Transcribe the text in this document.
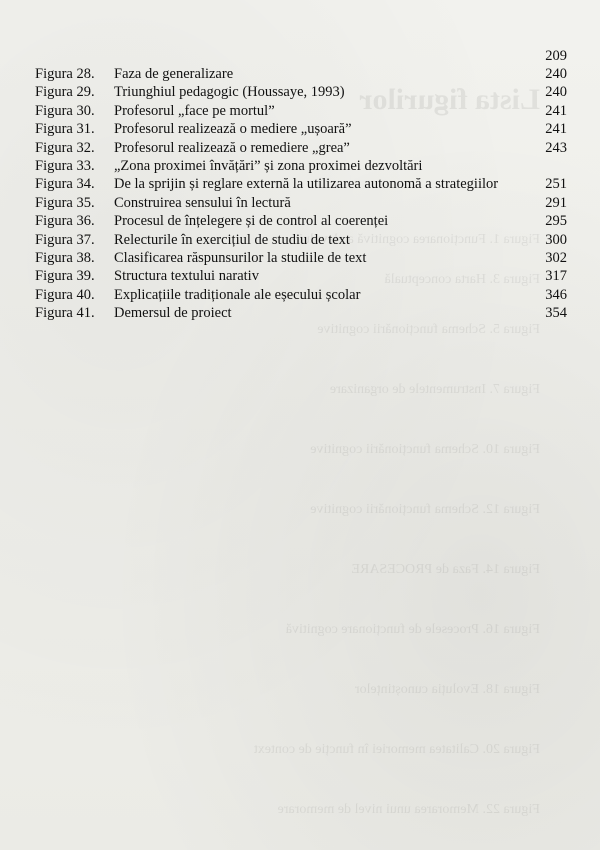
Lista figurilor
Figura 1. Funcționarea cognitivă a elevului
Figura 3. Harta conceptuală
Figura 5. Schema funcționării cognitive
Figura 7. Instrumentele de organizare
Figura 10. Schema funcționării cognitive
Figura 12. Schema funcționării cognitive
Figura 14. Faza de PROCESARE
Figura 16. Procesele de funcționare cognitivă
Figura 18. Evoluția cunoștințelor
Figura 20. Calitatea memoriei în funcție de context
Figura 22. Memorarea unui nivel de memorare
209
Figura 28.	Faza de generalizare	240
Figura 29.	Triunghiul pedagogic (Houssaye, 1993)	240
Figura 30.	Profesorul „face pe mortul”	241
Figura 31.	Profesorul realizează o mediere „ușoară”	241
Figura 32.	Profesorul realizează o remediere „grea”	243
Figura 33.	„Zona proximei învățări” și zona proximei dezvoltări
Figura 34.	De la sprijin și reglare externă la utilizarea autonomă a strategiilor	251
Figura 35.	Construirea sensului în lectură	291
Figura 36.	Procesul de înțelegere și de control al coerenței	295
Figura 37.	Relecturile în exercițiul de studiu de text	300
Figura 38.	Clasificarea răspunsurilor la studiile de text	302
Figura 39.	Structura textului narativ	317
Figura 40.	Explicațiile tradiționale ale eșecului școlar	346
Figura 41.	Demersul de proiect	354
